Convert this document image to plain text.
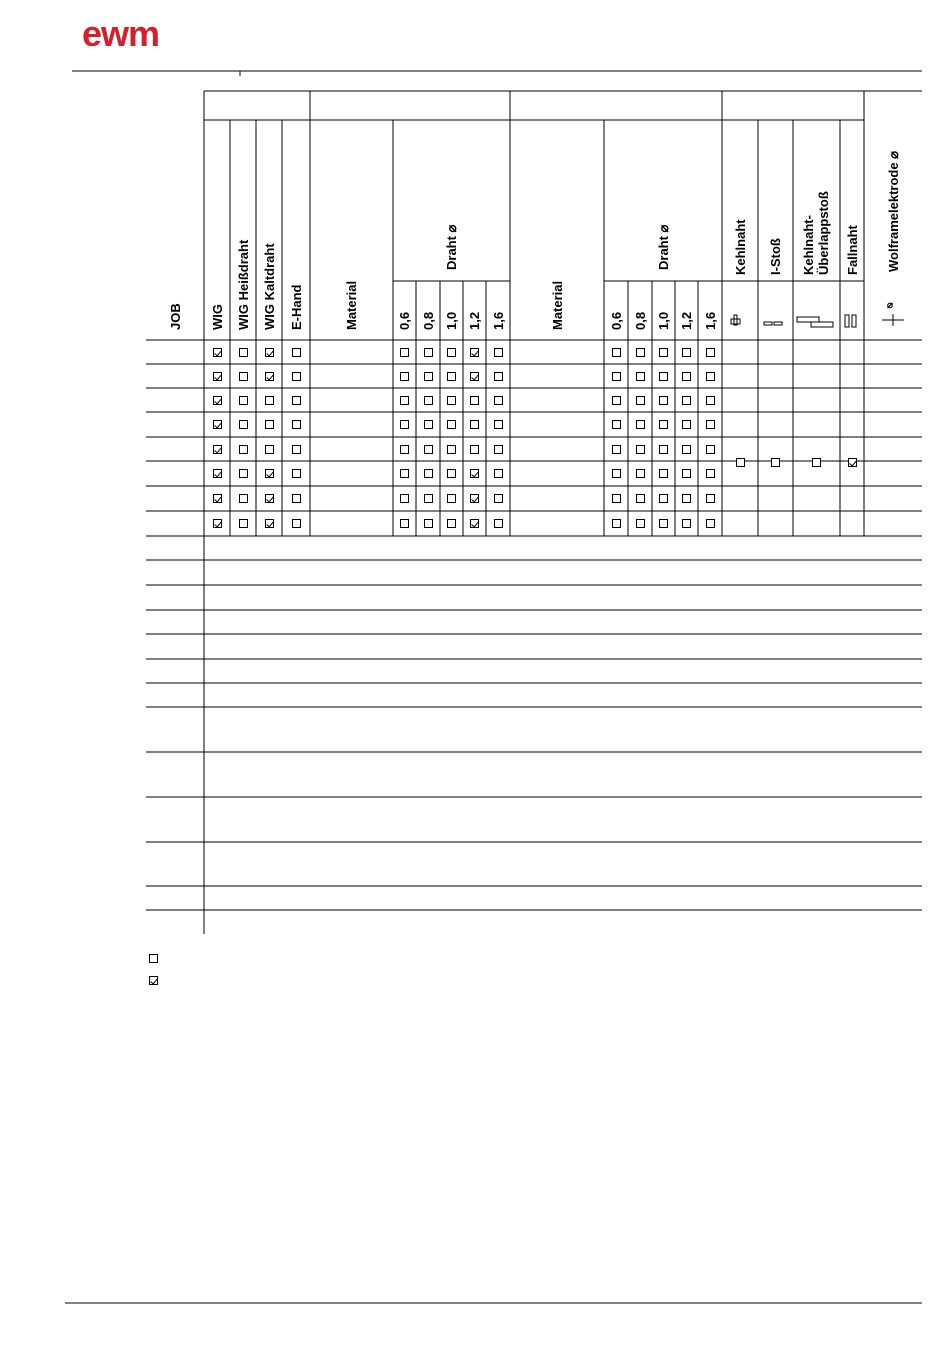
ewm
JOB WIG WIG Heißdraht WIG Kaltdraht E-Hand	Material
Draht ⌀
0,6 0,8 1,0 1,2 1,6	Material
Draht ⌀
0,6 0,8 1,0 1,2 1,6
Kehlnaht I-Stoß Kehlnaht-
Überlappstoß Fallnaht Wolframelektrode ⌀
⌀
